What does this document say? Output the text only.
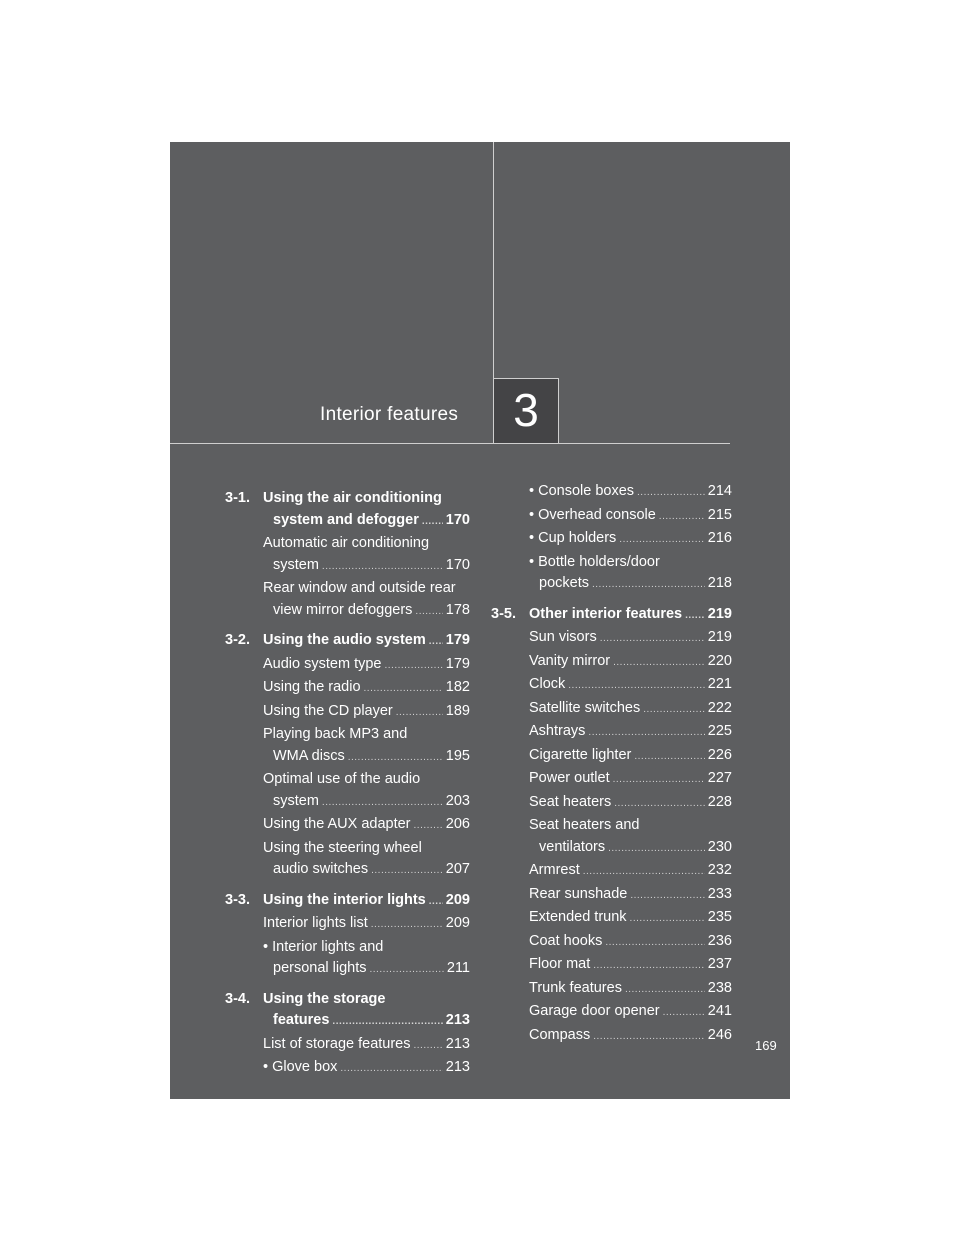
Interior features	3
3-1. Using the air conditioning
system and defogger ..... 170
Automatic air conditioning
system .....	170
Rear window and outside rear
view mirror defoggers ..... 178
3-2. Using the audio system ..... 179
Audio system type .....	179
Using the radio .....	182
Using the CD player .....	189
Playing back MP3 and
WMA discs .....	195
Optimal use of the audio
system .....	203
Using the AUX adapter ..... 206
Using the steering wheel
audio switches .....	207
3-3. Using the interior lights ..... 209
Interior lights list .....	209
• Interior lights and
personal lights .....	211
3-4. Using the storage
features .....	213
List of storage features ..... 213
• Glove box .....	213
• Console boxes .....	214
• Overhead console .....	215
• Cup holders .....	216
• Bottle holders/door
pockets .....	218
3-5. Other interior features ..... 219
Sun visors .....	219
Vanity mirror .....	220
Clock .....	221
Satellite switches .....	222
Ashtrays .....	225
Cigarette lighter .....	226
Power outlet .....	227
Seat heaters .....	228
Seat heaters and
ventilators .....	230
Armrest .....	232
Rear sunshade .....	233
Extended trunk .....	235
Coat hooks .....	236
Floor mat .....	237
Trunk features .....	238
Garage door opener .....	241
Compass .....	246
169
